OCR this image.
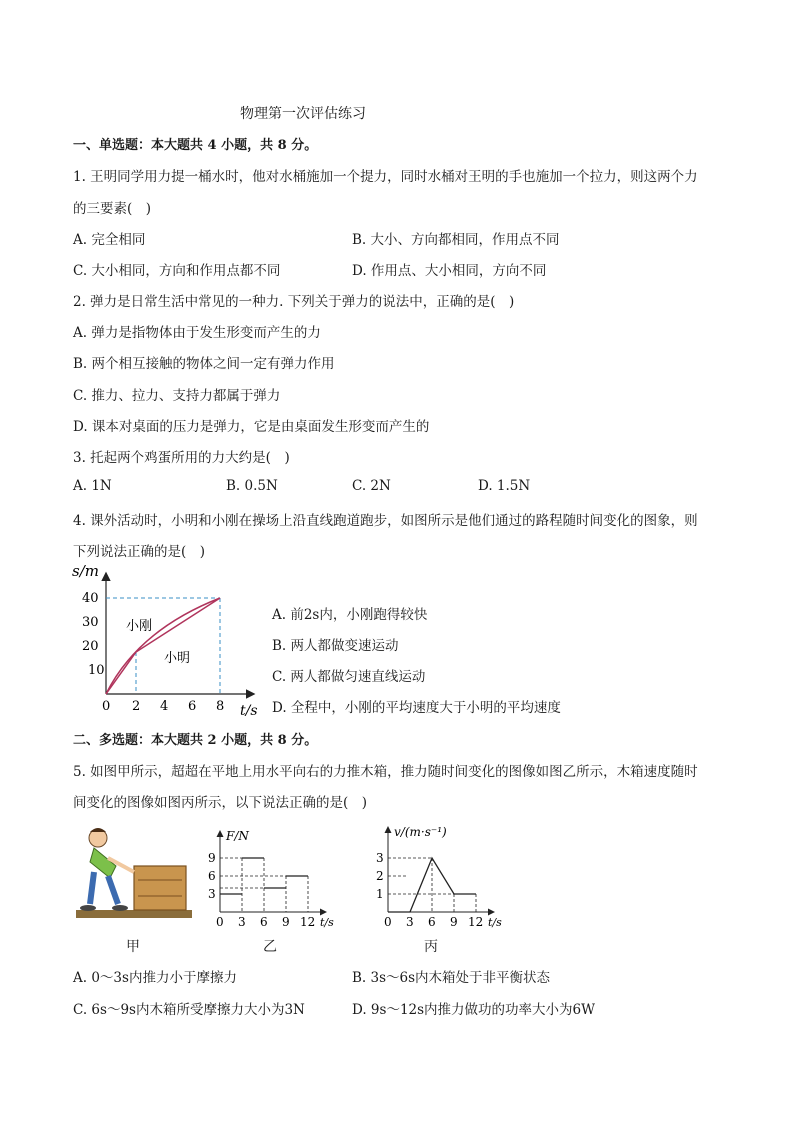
物理第一次评估练习
一、单选题：本大题共 4 小题，共 8 分。
1. 王明同学用力提一桶水时，他对水桶施加一个提力，同时水桶对王明的手也施加一个拉力，则这两个力
的三要素(　)
A. 完全相同	B. 大小、方向都相同，作用点不同
C. 大小相同，方向和作用点都不同	D. 作用点、大小相同，方向不同
2. 弹力是日常生活中常见的一种力. 下列关于弹力的说法中，正确的是(　)
A. 弹力是指物体由于发生形变而产生的力
B. 两个相互接触的物体之间一定有弹力作用
C. 推力、拉力、支持力都属于弹力
D. 课本对桌面的压力是弹力，它是由桌面发生形变而产生的
3. 托起两个鸡蛋所用的力大约是(　)
A. 1N	B. 0.5N	C. 2N	D. 1.5N
4. 课外活动时，小明和小刚在操场上沿直线跑道跑步，如图所示是他们通过的路程随时间变化的图象，则
下列说法正确的是(　)
s/m
40
30
20
10
0 2 4 6 8 t/s
小刚
小明
A. 前2s内，小刚跑得较快
B. 两人都做变速运动
C. 两人都做匀速直线运动
D. 全程中，小刚的平均速度大于小明的平均速度
二、多选题：本大题共 2 小题，共 8 分。
5. 如图甲所示，超超在平地上用水平向右的力推木箱，推力随时间变化的图像如图乙所示，木箱速度随时
间变化的图像如图丙所示，以下说法正确的是(　)
甲
F/N
9
6
3
0 3 6 9 12 t/s
乙
v/(m·s⁻¹)
3
2
1
0 3 6 9 12 t/s
丙
A. 0～3s内推力小于摩擦力	B. 3s～6s内木箱处于非平衡状态
C. 6s～9s内木箱所受摩擦力大小为3N	D. 9s～12s内推力做功的功率大小为6W
